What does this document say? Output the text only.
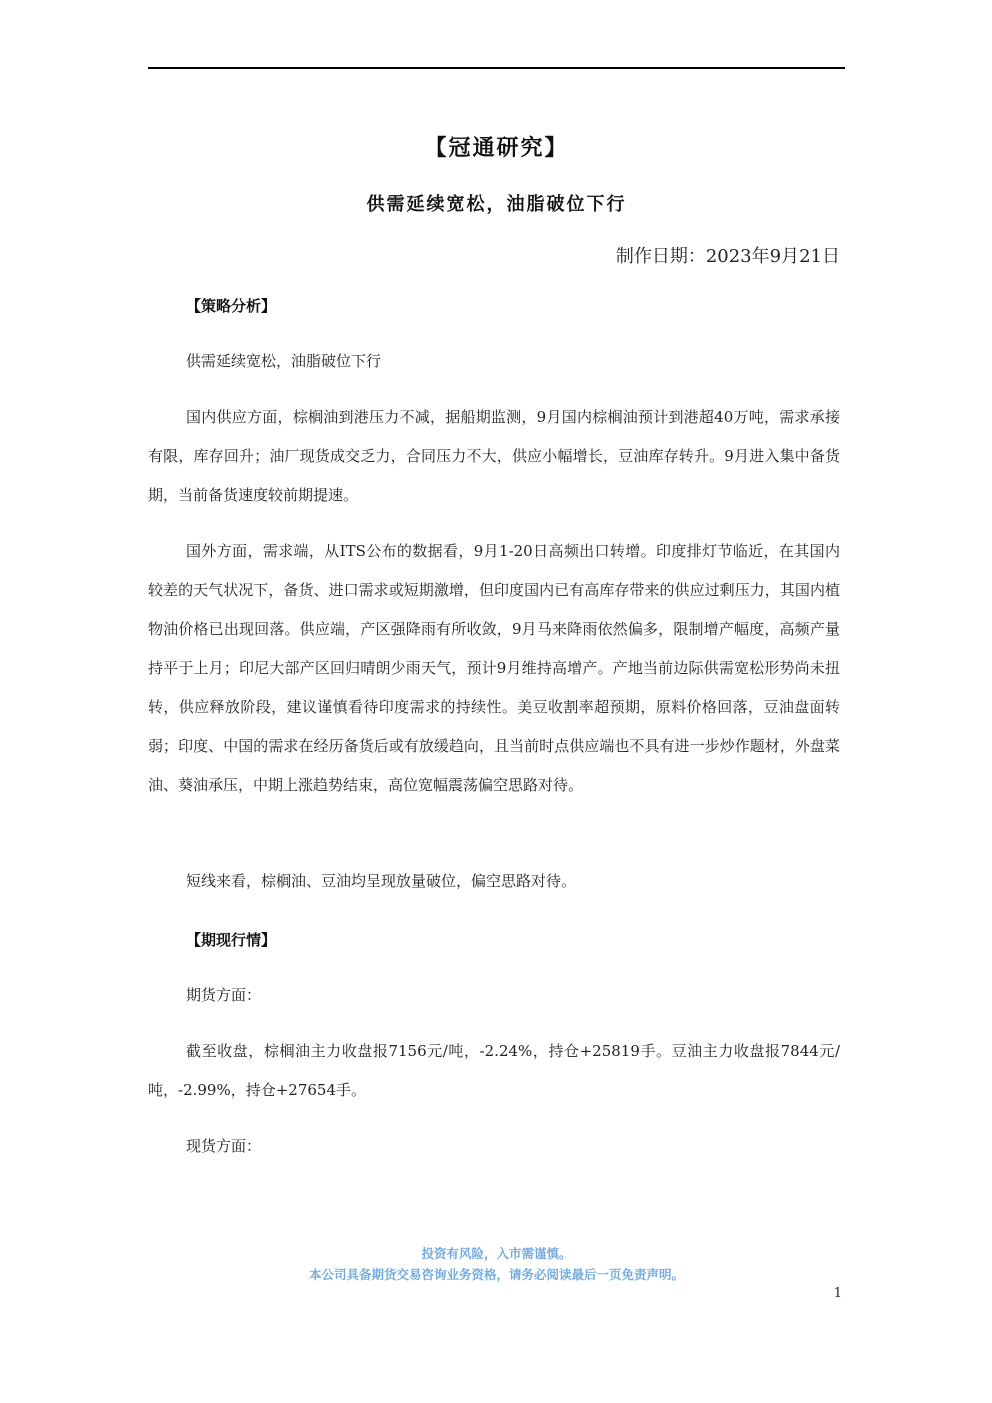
【冠通研究】
供需延续宽松，油脂破位下行
制作日期：2023年9月21日
【策略分析】

供需延续宽松，油脂破位下行

国内供应方面，棕榈油到港压力不减，据船期监测，9月国内棕榈油预计到港超40万吨，需求承接有限，库存回升；油厂现货成交乏力，合同压力不大，供应小幅增长，豆油库存转升。9月进入集中备货期，当前备货速度较前期提速。

国外方面，需求端，从ITS公布的数据看，9月1-20日高频出口转增。印度排灯节临近，在其国内较差的天气状况下，备货、进口需求或短期激增，但印度国内已有高库存带来的供应过剩压力，其国内植物油价格已出现回落。供应端，产区强降雨有所收敛，9月马来降雨依然偏多，限制增产幅度，高频产量持平于上月；印尼大部产区回归晴朗少雨天气，预计9月维持高增产。产地当前边际供需宽松形势尚未扭转，供应释放阶段，建议谨慎看待印度需求的持续性。美豆收割率超预期，原料价格回落，豆油盘面转弱；印度、中国的需求在经历备货后或有放缓趋向，且当前时点供应端也不具有进一步炒作题材，外盘菜油、葵油承压，中期上涨趋势结束，高位宽幅震荡偏空思路对待。

短线来看，棕榈油、豆油均呈现放量破位，偏空思路对待。

【期现行情】

期货方面：

截至收盘，棕榈油主力收盘报7156元/吨，-2.24%，持仓+25819手。豆油主力收盘报7844元/吨，-2.99%，持仓+27654手。

现货方面：

投资有风险，入市需谨慎。
本公司具备期货交易咨询业务资格，请务必阅读最后一页免责声明。
1
